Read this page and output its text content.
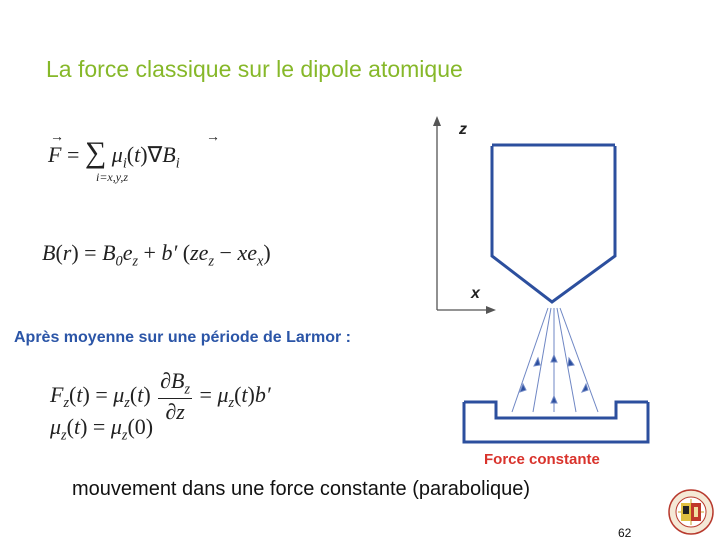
La force classique sur le dipole atomique
F = ∑ $\mu_i(t)\nabla B_i$
i=x,y,z
→	→
$B(r) = B_0e_z + b'$ $(ze_z - xe_x)$
Après moyenne sur une période de Larmor :
$F_z(t) = \mu_z(t) \frac{\partial B_z}{\partial z} = \mu_z(t)b'$
$\mu_z(t) = \mu_z(0)$
z
x
Force constante
mouvement dans une force constante (parabolique)
62
